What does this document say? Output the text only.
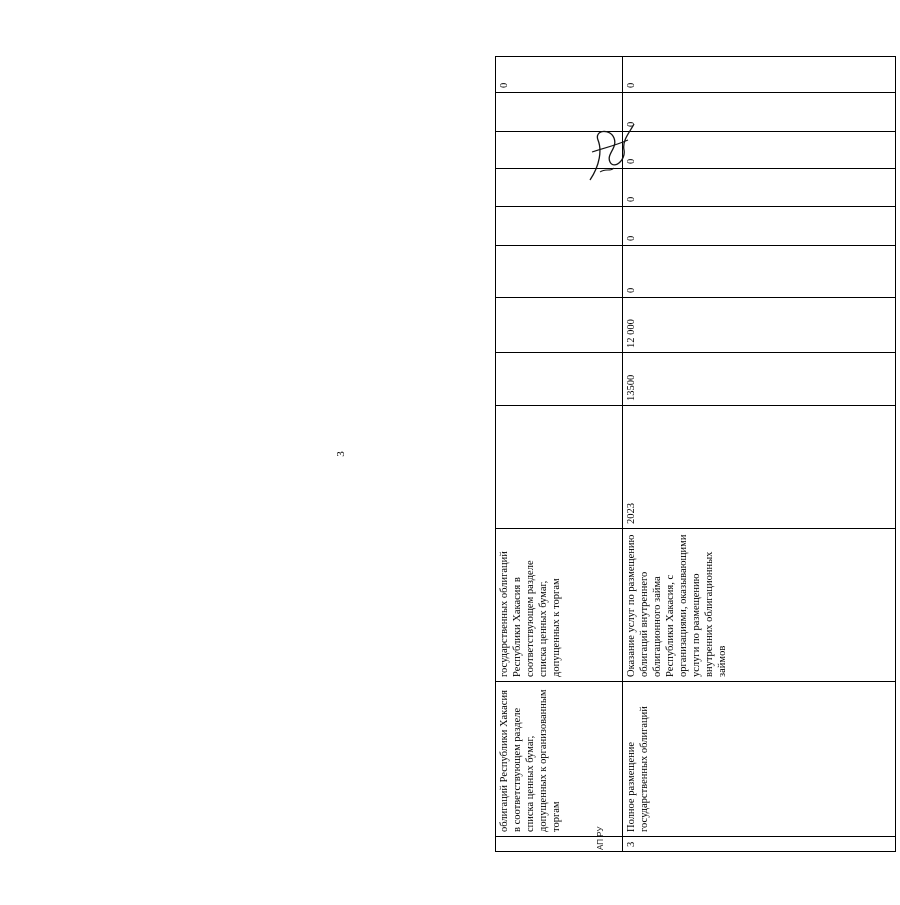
3
	облигаций Республики Хакасия в соответствующем разделе списка ценных бумаг, допущенных к организованным торгам	государственных облигаций Республики Хакасия в соответствующем разделе списка ценных бумаг, допущенных к торгам									0
3	Полное размещение государственных облигаций	Оказание услуг по размещению облигаций внутреннего облигационного займа Республики Хакасия, с организациями, оказывающими услуги по размещению внутренних облигационных займов	2023	13500	12 000	0	0	0	0	0	0
АП РУ
